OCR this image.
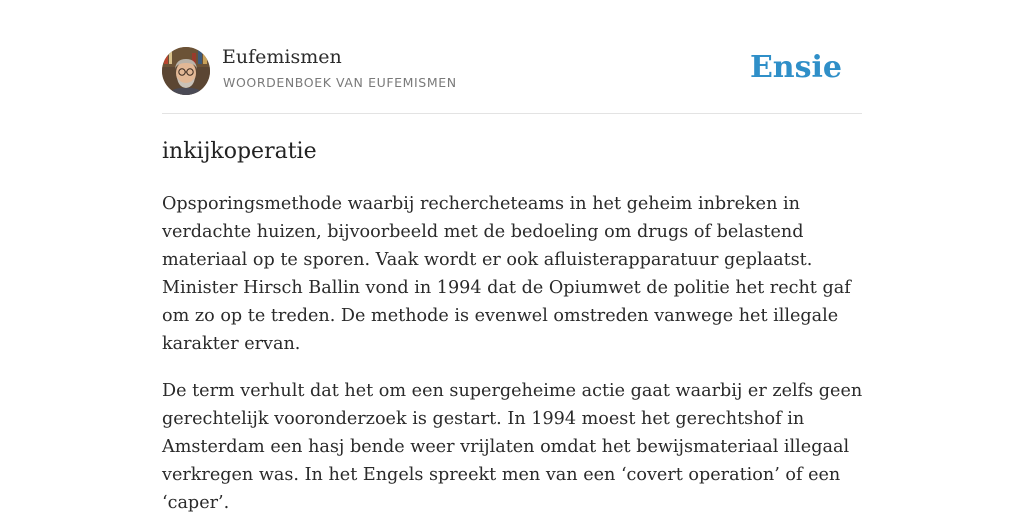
Eufemismen
WOORDENBOEK VAN EUFEMISMEN	Ensie
inkijkoperatie

Opsporingsmethode waarbij rechercheteams in het geheim inbreken in verdachte huizen, bijvoorbeeld met de bedoeling om drugs of belastend materiaal op te sporen. Vaak wordt er ook afluisterapparatuur geplaatst. Minister Hirsch Ballin vond in 1994 dat de Opiumwet de politie het recht gaf om zo op te treden. De methode is evenwel omstreden vanwege het illegale karakter ervan.

De term verhult dat het om een supergeheime actie gaat waarbij er zelfs geen gerechtelijk vooronderzoek is gestart. In 1994 moest het gerechtshof in Amsterdam een hasj bende weer vrijlaten omdat het bewijsmateriaal illegaal verkregen was. In het Engels spreekt men van een ‘covert operation’ of een ‘caper’.
